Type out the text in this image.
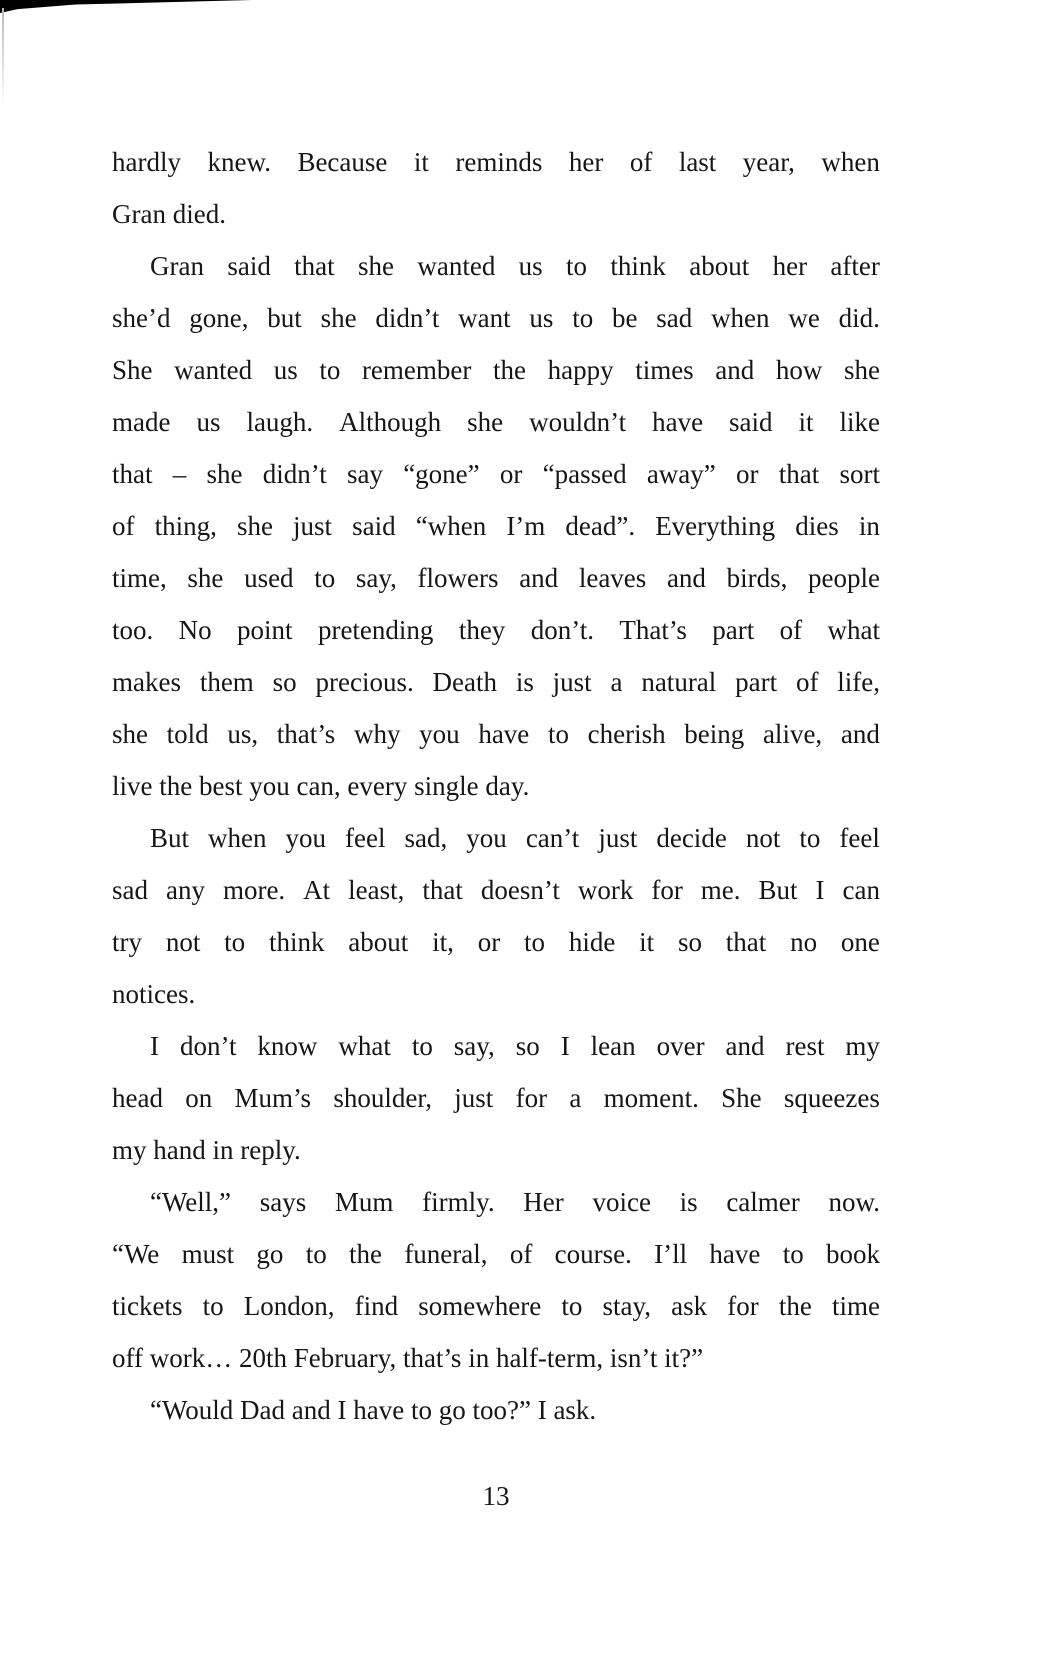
hardly knew. Because it reminds her of last year, when
Gran died.
Gran said that she wanted us to think about her after
she’d gone, but she didn’t want us to be sad when we did.
She wanted us to remember the happy times and how she
made us laugh. Although she wouldn’t have said it like
that – she didn’t say “gone” or “passed away” or that sort
of thing, she just said “when I’m dead”. Everything dies in
time, she used to say, flowers and leaves and birds, people
too. No point pretending they don’t. That’s part of what
makes them so precious. Death is just a natural part of life,
she told us, that’s why you have to cherish being alive, and
live the best you can, every single day.
But when you feel sad, you can’t just decide not to feel
sad any more. At least, that doesn’t work for me. But I can
try not to think about it, or to hide it so that no one
notices.
I don’t know what to say, so I lean over and rest my
head on Mum’s shoulder, just for a moment. She squeezes
my hand in reply.
“Well,” says Mum firmly. Her voice is calmer now.
“We must go to the funeral, of course. I’ll have to book
tickets to London, find somewhere to stay, ask for the time
off work… 20th February, that’s in half-term, isn’t it?”
“Would Dad and I have to go too?” I ask.
13
